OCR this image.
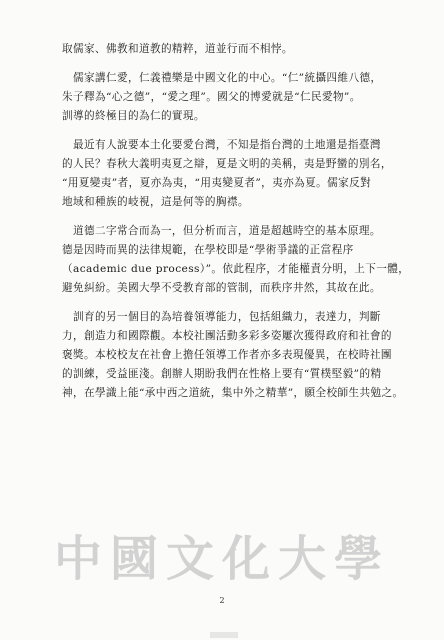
取儒家、佛教和道教的精粹，道並行而不相悖。
　儒家講仁愛，仁義禮樂是中國文化的中心。“仁”統攝四維八德，
朱子釋為“心之德”，“愛之理”。國父的博愛就是“仁民愛物”。
訓導的終極目的為仁的實現。
　最近有人說要本土化要愛台灣，不知是指台灣的土地還是指臺灣
的人民？春秋大義明夷夏之辯，夏是文明的美稱，夷是野蠻的別名，
“用夏變夷”者，夏亦為夷，“用夷變夏者”，夷亦為夏。儒家反對
地域和種族的岐視，這是何等的胸襟。
　道德二字常合而為一，但分析而言，道是超越時空的基本原理。
德是因時而異的法律規範，在學校即是“學術爭議的正當程序
（academic due process）”。依此程序，才能權責分明，上下一體，
避免糾紛。美國大學不受教育部的管制，而秩序井然，其故在此。
　訓育的另一個目的為培養領導能力，包括組織力，表達力，判斷
力，創造力和國際觀。本校社團活動多彩多姿屢次獲得政府和社會的
褒獎。本校校友在社會上擔任領導工作者亦多表現優異，在校時社團
的訓練，受益匪淺。創辦人期盼我們在性格上要有“質樸堅毅”的精
神，在學識上能“承中西之道統，集中外之精華”，願全校師生共勉之。
中國文化大學
2
